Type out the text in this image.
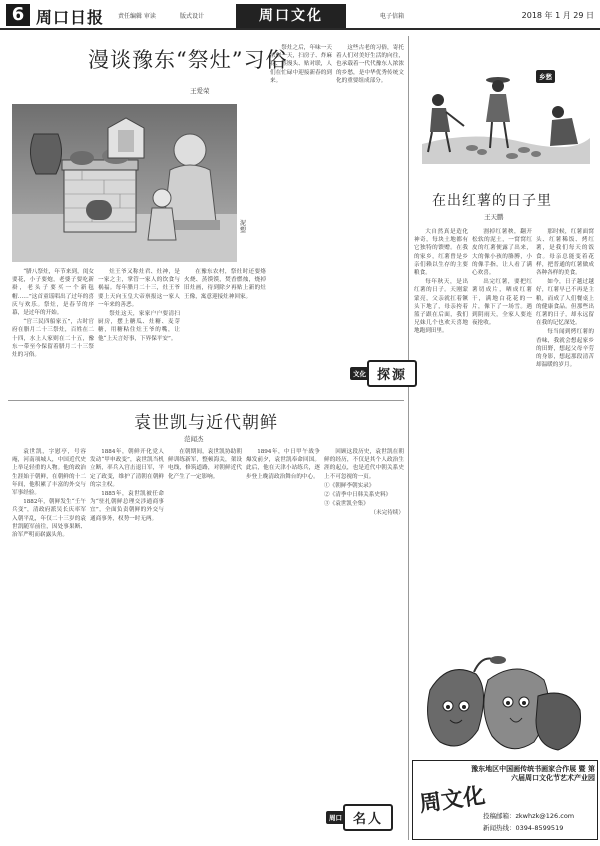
6 周口日报 责任编辑 审读	版式设计	周口文化	电子信箱	2018 年 1 月 29 日
漫谈豫东“祭灶”习俗
王爱荣
泥塑

“腊八祭灶，年节来到，闺女要花，小子要炮，老婆子要吃新褂，老头子要买一个新毡帽……”这首童谣唱出了过年的喜庆与欢乐。祭灶，是春节的序幕，是过年的开始。

“官三民四船家五”，古时官府在腊月二十三祭灶，百姓在二十四，水上人家则在二十五，豫东一带至今保留着腊月二十三祭灶的习俗。

灶王爷又称灶君、灶神，是一家之主，掌管一家人的饮食与祸福。每年腊月二十三，灶王爷要上天向玉皇大帝禀报这一家人一年来的善恶。

祭灶这天，家家户户要清扫厨房，摆上糖瓜、灶糖、麦芽糖，用糖粘住灶王爷的嘴，让他“上天言好事，下界保平安”。

在豫东农村，祭灶时还要烙火烧、蒸馍馍，焚香燃烛，烧掉旧灶画，待到除夕再贴上新的灶王像，寓意迎接灶神回家。

祭灶之后，年味一天浓似一天，扫房子、炸麻花、蒸馒头、贴对联，人们在忙碌中迎接新春的到来。

这些古老的习俗，寄托着人们对美好生活的向往，也承载着一代代豫东人浓浓的乡愁，是中华优秀传统文化的重要组成部分。

文化 探源
袁世凯与近代朝鲜
范闻杰

袁世凯，字慰亭，号容庵，河南项城人，中国近代史上举足轻重的人物。他的政治生涯始于朝鲜，在朝鲜的十二年间，他积累了丰富的外交与军事经验。

1882年，朝鲜发生“壬午兵变”，清政府派吴长庆率军入朝平乱，年仅二十三岁的袁世凯随军前往，因处事果断、治军严明而崭露头角。

1884年，朝鲜开化党人发动“甲申政变”，袁世凯当机立断，率兵入宫击退日军，平定了政变，维护了清朝在朝鲜的宗主权。

1885年，袁世凯被任命为“驻扎朝鲜总理交涉通商事宜”，全面负责朝鲜的外交与通商事务，权势一时无两。

在朝期间，袁世凯协助朝鲜训练新军，整顿海关，架设电线，修筑道路，对朝鲜近代化产生了一定影响。

1894年，中日甲午战争爆发前夕，袁世凯奉命回国。此后，他在天津小站练兵，逐步登上晚清政治舞台的中心。

回顾这段历史，袁世凯在朝鲜的经历，不仅是其个人政治生涯的起点，也是近代中朝关系史上不可忽视的一页。

①《朝鲜李朝实录》

②《清季中日韩关系史料》

③《袁世凯全集》

（未完待续）

周口 名人
乡愁
在出红薯的日子里
王天鹏

大自然真是造化神奇，每块土地都有它独特的馈赠。在我的家乡，红薯曾是乡亲们赖以生存的主要粮食。

每年秋天，是出红薯的日子。天刚蒙蒙亮，父亲就扛着镢头下地了，母亲挎着篮子跟在后面，我们兄妹几个也欢天喜地地跑到田里。

割掉红薯秧，翻开松软的泥土，一窝窝红皮的红薯便露了出来，大的像小孩的胳膊，小的像手指，让人看了满心欢喜。

出完红薯，要把红薯切成片，晒成红薯干，满地白花花的一片，像下了一场雪。遇到阴雨天，全家人要连夜抢收。

那时候，红薯面窝头、红薯稀饭、烤红薯，是我们每天的饭食。母亲总能变着花样，把普通的红薯做成各种各样的美食。

如今，日子越过越好，红薯早已不再是主粮，而成了人们餐桌上的健康食品。但那些出红薯的日子，却永远留在我的记忆深处。

每当闻到烤红薯的香味，我就会想起家乡的田野，想起父母辛劳的身影，想起那段清苦却温暖的岁月。

豫东地区中国画传统书画家合作展 暨 第六届周口文化节艺术产业园
周文化
投稿邮箱：zkwhzk@126.com
新闻热线：0394-8599519
